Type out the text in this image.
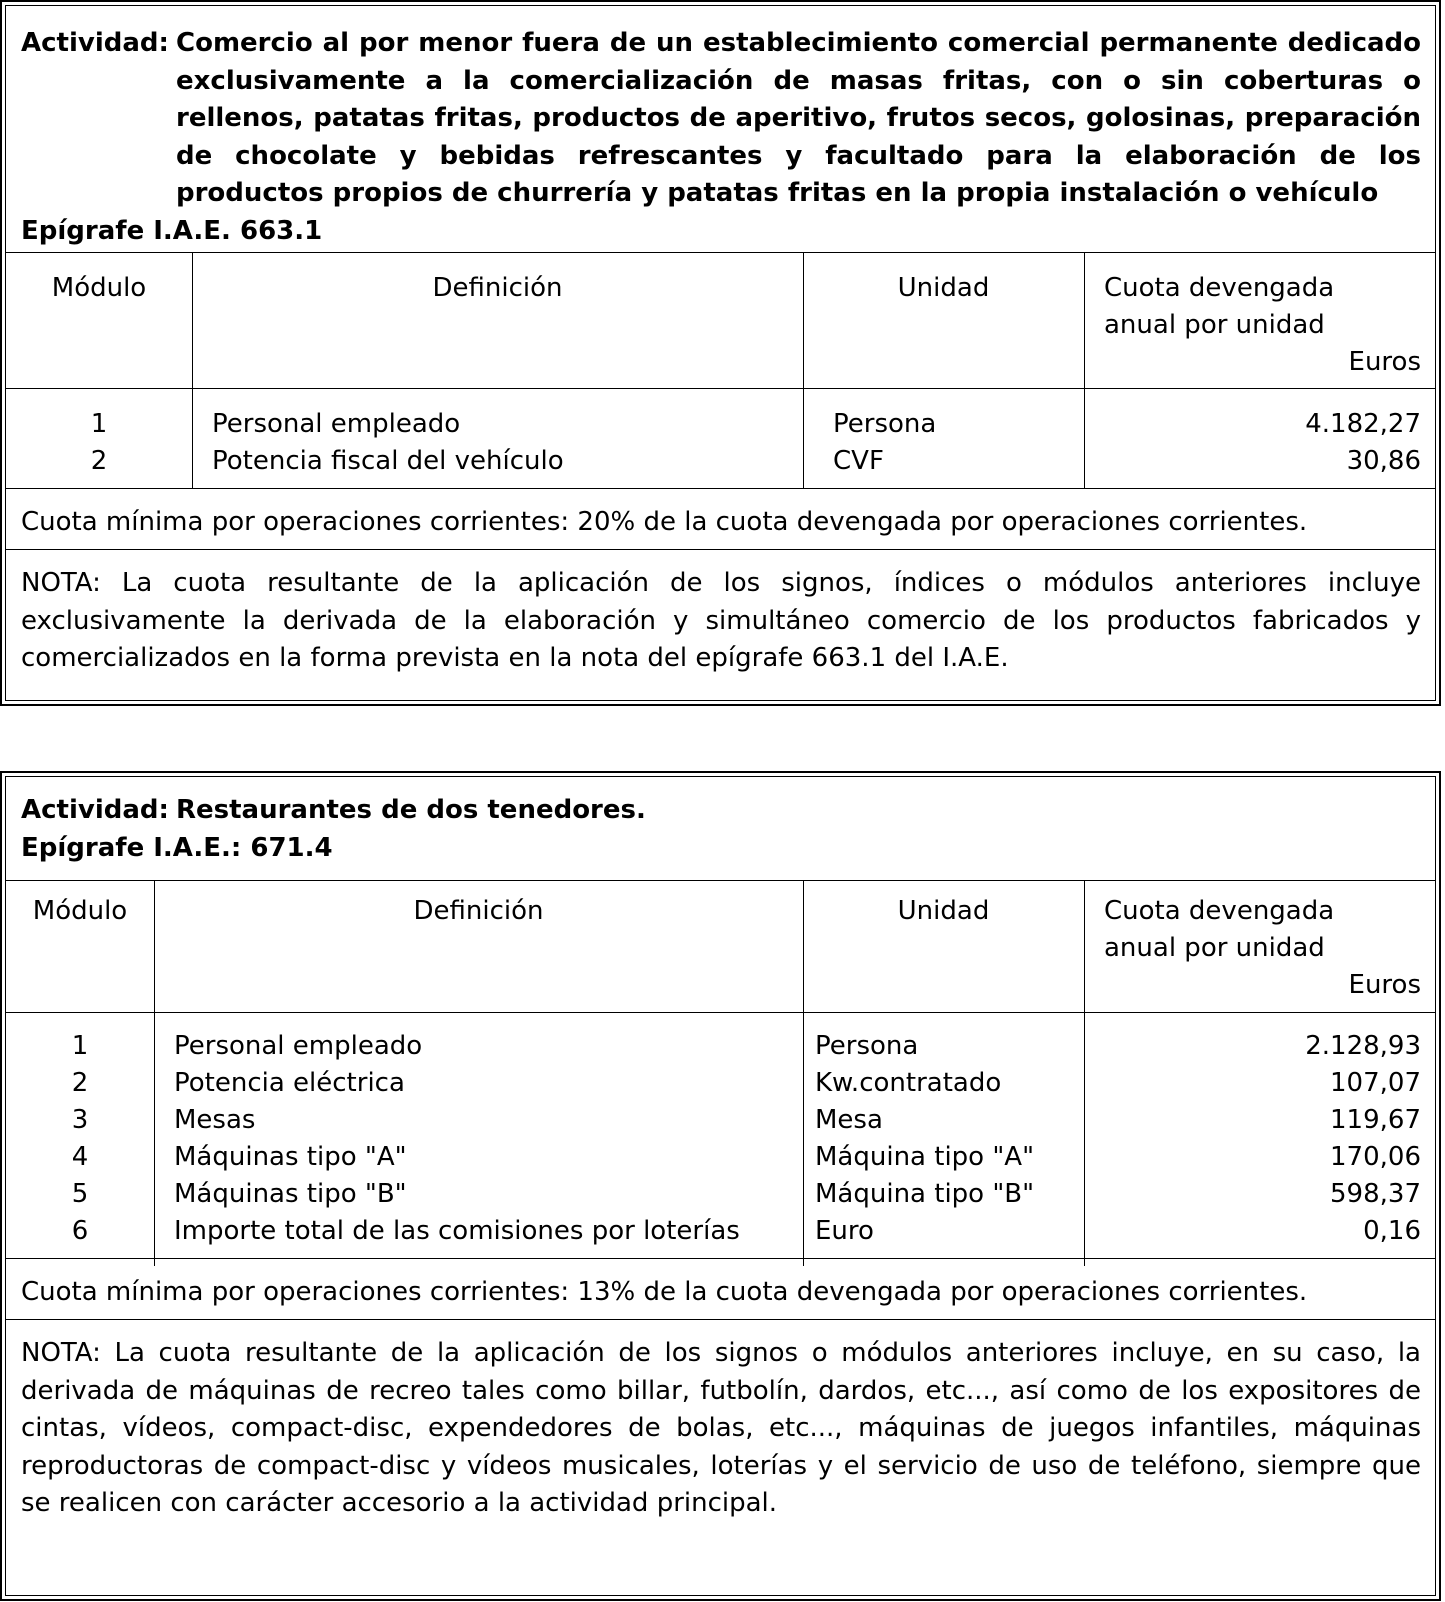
Actividad: Comercio al por menor fuera de un establecimiento comercial permanente dedicado exclusivamente a la comercialización de masas fritas, con o sin coberturas o rellenos, patatas fritas, productos de aperitivo, frutos secos, golosinas, preparación de chocolate y bebidas refrescantes y facultado para la elaboración de los productos propios de churrería y patatas fritas en la propia instalación o vehículo
Epígrafe I.A.E. 663.1
Módulo	Definición	Unidad	Cuota devengada
anual por unidad
Euros
1	Personal empleado	Persona	4.182,27
2	Potencia fiscal del vehículo	CVF	30,86
Cuota mínima por operaciones corrientes: 20% de la cuota devengada por operaciones corrientes.
NOTA: La cuota resultante de la aplicación de los signos, índices o módulos anteriores incluye exclusivamente la derivada de la elaboración y simultáneo comercio de los productos fabricados y comercializados en la forma prevista en la nota del epígrafe 663.1 del I.A.E.
Actividad: Restaurantes de dos tenedores.
Epígrafe I.A.E.: 671.4
Módulo	Definición	Unidad	Cuota devengada
anual por unidad
Euros
1	Personal empleado	Persona	2.128,93
2	Potencia eléctrica	Kw.contratado	107,07
3	Mesas	Mesa	119,67
4	Máquinas tipo "A"	Máquina tipo "A"	170,06
5	Máquinas tipo "B"	Máquina tipo "B"	598,37
6	Importe total de las comisiones por loterías	Euro	0,16
Cuota mínima por operaciones corrientes: 13% de la cuota devengada por operaciones corrientes.
NOTA: La cuota resultante de la aplicación de los signos o módulos anteriores incluye, en su caso, la derivada de máquinas de recreo tales como billar, futbolín, dardos, etc..., así como de los expositores de cintas, vídeos, compact-disc, expendedores de bolas, etc..., máquinas de juegos infantiles, máquinas reproductoras de compact-disc y vídeos musicales, loterías y el servicio de uso de teléfono, siempre que se realicen con carácter accesorio a la actividad principal.
